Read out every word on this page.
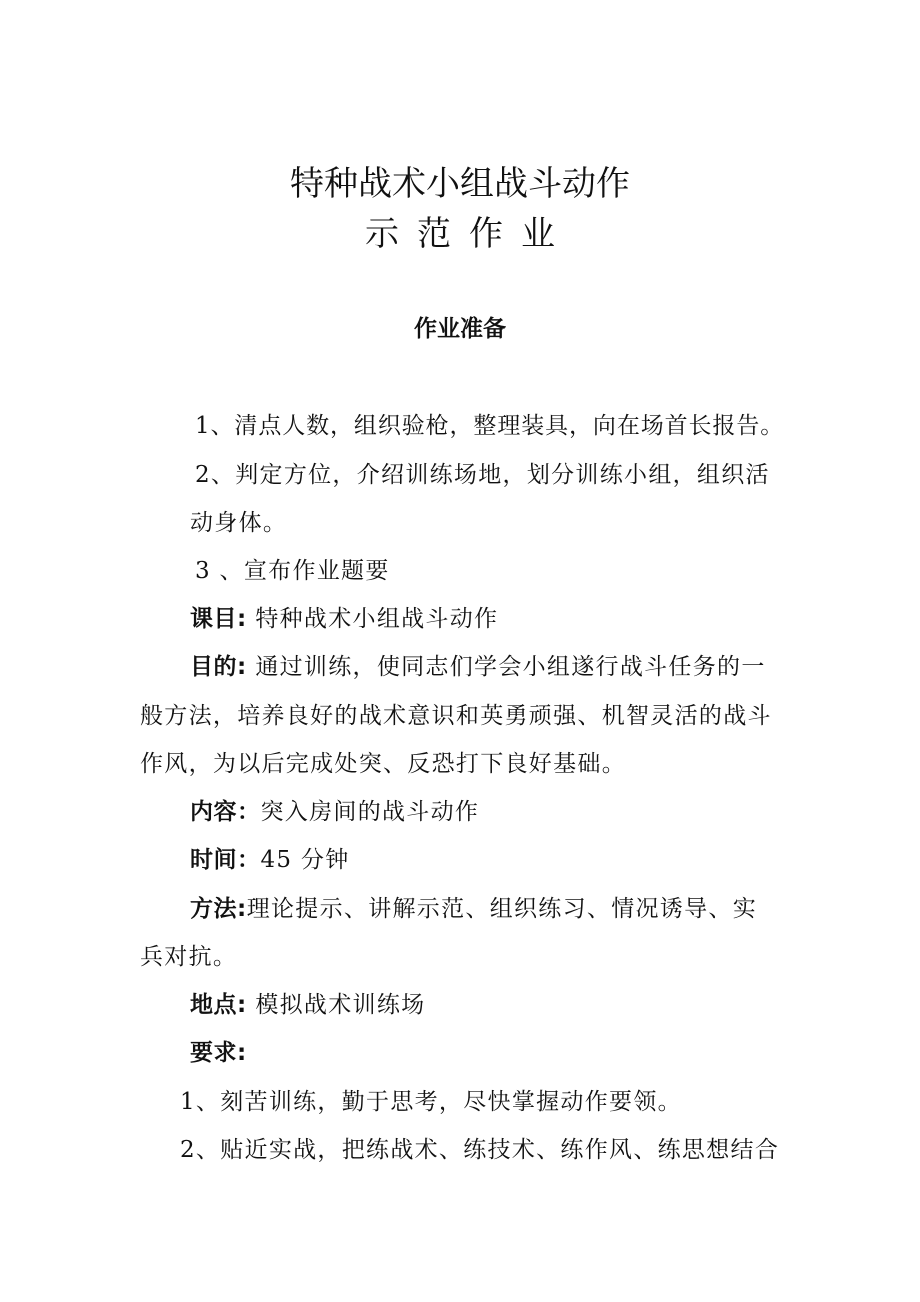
特种战术小组战斗动作
示范作业
作业准备
1、清点人数，组织验枪，整理装具，向在场首长报告。
2、判定方位，介绍训练场地，划分训练小组，组织活
动身体。
3 、宣布作业题要
课目: 特种战术小组战斗动作
目的: 通过训练，使同志们学会小组遂行战斗任务的一
般方法，培养良好的战术意识和英勇顽强、机智灵活的战斗
作风，为以后完成处突、反恐打下良好基础。
内容：突入房间的战斗动作
时间：45 分钟
方法:理论提示、讲解示范、组织练习、情况诱导、实
兵对抗。
地点: 模拟战术训练场
要求:
1、刻苦训练，勤于思考，尽快掌握动作要领。
2、贴近实战，把练战术、练技术、练作风、练思想结合
